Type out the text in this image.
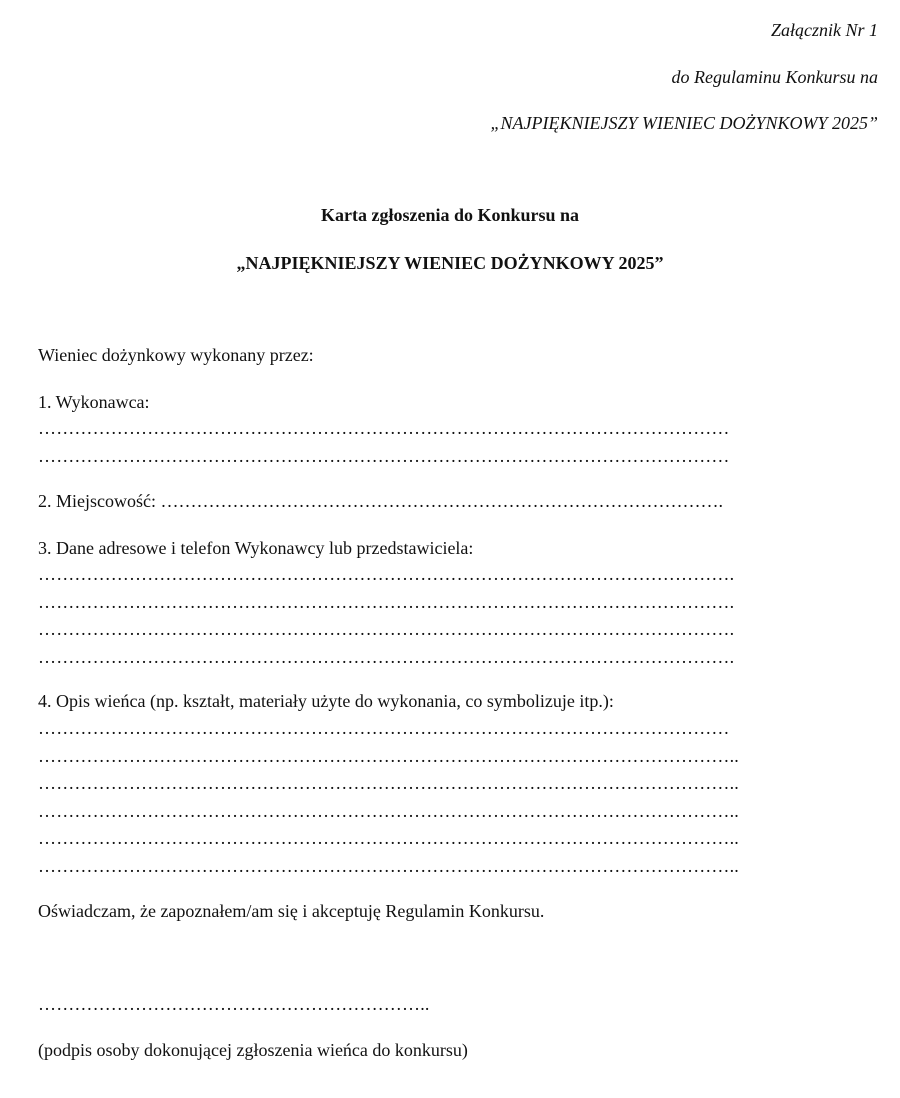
Załącznik Nr 1
do Regulaminu Konkursu na
„NAJPIĘKNIEJSZY WIENIEC DOŻYNKOWY 2025”
Karta zgłoszenia do Konkursu na
„NAJPIĘKNIEJSZY WIENIEC DOŻYNKOWY 2025”
Wieniec dożynkowy wykonany przez:
1. Wykonawca:
……………………………………………………………………………………………………
……………………………………………………………………………………………………
2. Miejscowość: ………………………………………………………………………………….
3. Dane adresowe i telefon Wykonawcy lub przedstawiciela:
…………………………………………………………………………………………………….
…………………………………………………………………………………………………….
…………………………………………………………………………………………………….
…………………………………………………………………………………………………….
4. Opis wieńca (np. kształt, materiały użyte do wykonania, co symbolizuje itp.):
……………………………………………………………………………………………………
……………………………………………………………………………………………………..
……………………………………………………………………………………………………..
……………………………………………………………………………………………………..
……………………………………………………………………………………………………..
……………………………………………………………………………………………………..
Oświadczam, że zapoznałem/am się i akceptuję Regulamin Konkursu.
………………………………………………………..
(podpis osoby dokonującej zgłoszenia wieńca do konkursu)
